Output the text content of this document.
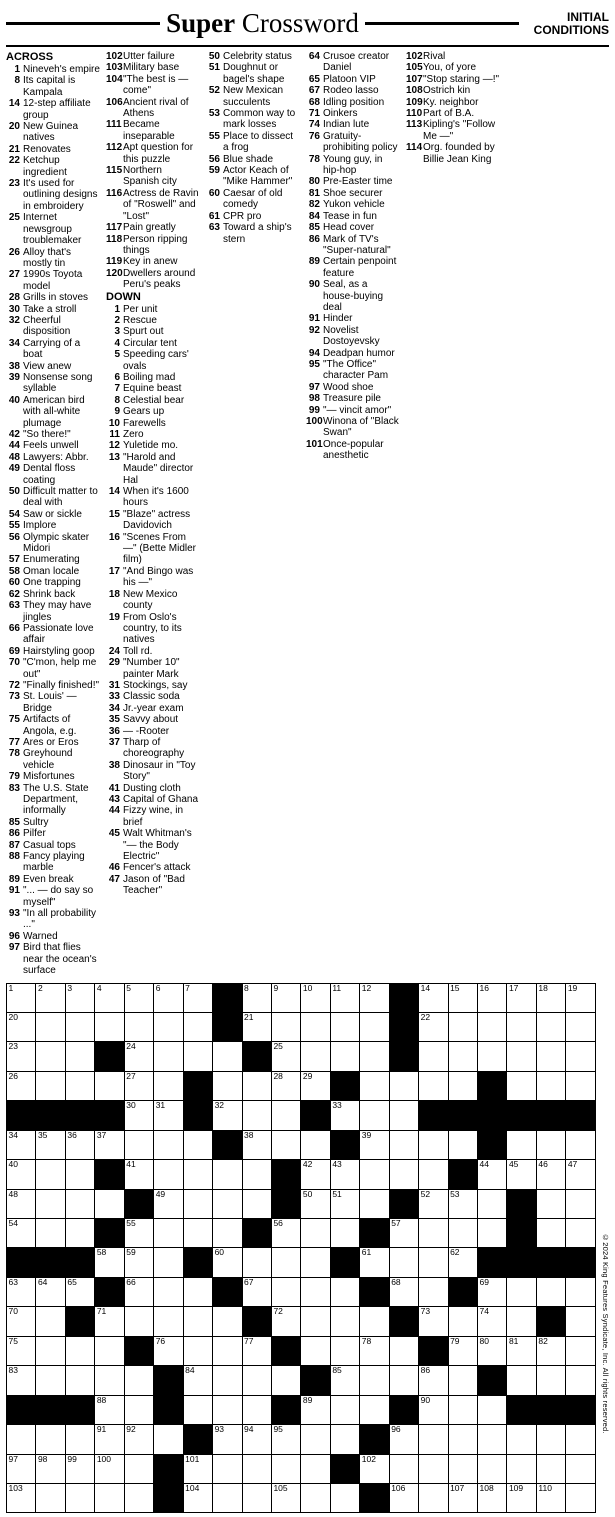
Super Crossword	INITIAL CONDITIONS
ACROSS
1 Nineveh's empire
8 Its capital is Kampala
14 12-step affiliate group
20 New Guinea natives
21 Renovates
22 Ketchup ingredient
23 It's used for outlining designs in embroidery
25 Internet newsgroup troublemaker
26 Alloy that's mostly tin
27 1990s Toyota model
28 Grills in stoves
30 Take a stroll
32 Cheerful disposition
34 Carrying of a boat
38 View anew
39 Nonsense song syllable
40 American bird with all-white plumage
42 "So there!"
44 Feels unwell
48 Lawyers: Abbr.
49 Dental floss coating
50 Difficult matter to deal with
54 Saw or sickle
55 Implore
56 Olympic skater Midori
57 Enumerating
58 Oman locale
60 One trapping
62 Shrink back
63 They may have jingles
66 Passionate love affair
69 Hairstyling goop
70 "C'mon, help me out"
72 "Finally finished!"
73 St. Louis' — Bridge
75 Artifacts of Angola, e.g.
77 Ares or Eros
78 Greyhound vehicle
79 Misfortunes
83 The U.S. State Department, informally
85 Sultry
86 Pilfer
87 Casual tops
88 Fancy playing marble
89 Even break
91 "... — do say so myself"
93 "In all probability ..."
96 Warned
97 Bird that flies near the ocean's surface
102 Utter failure
103 Military base
104 "The best is — come"
106 Ancient rival of Athens
111 Became inseparable
112 Apt question for this puzzle
115 Northern Spanish city
116 Actress de Ravin of "Roswell" and "Lost"
117 Pain greatly
118 Person ripping things
119 Key in anew
120 Dwellers around Peru's peaks
DOWN
1 Per unit
2 Rescue
3 Spurt out
4 Circular tent
5 Speeding cars' ovals
6 Boiling mad
7 Equine beast
8 Celestial bear
9 Gears up
10 Farewells
11 Zero
12 Yuletide mo.
13 "Harold and Maude" director Hal
14 When it's 1600 hours
15 "Blaze" actress Davidovich
16 "Scenes From —" (Bette Midler film)
17 "And Bingo was his —"
18 New Mexico county
19 From Oslo's country, to its natives
24 Toll rd.
29 "Number 10" painter Mark
31 Stockings, say
33 Classic soda
34 Jr.-year exam
35 Savvy about
36 — -Rooter
37 Tharp of choreography
38 Dinosaur in "Toy Story"
41 Dusting cloth
43 Capital of Ghana
44 Fizzy wine, in brief
45 Walt Whitman's "— the Body Electric"
46 Fencer's attack
47 Jason of "Bad Teacher"
50 Celebrity status
51 Doughnut or bagel's shape
52 New Mexican succulents
53 Common way to mark losses
55 Place to dissect a frog
56 Blue shade
59 Actor Keach of "Mike Hammer"
60 Caesar of old comedy
61 CPR pro
63 Toward a ship's stern
64 Crusoe creator Daniel
65 Platoon VIP
67 Rodeo lasso
68 Idling position
71 Oinkers
74 Indian lute
76 Gratuity-prohibiting policy
78 Young guy, in hip-hop
80 Pre-Easter time
81 Shoe securer
82 Yukon vehicle
84 Tease in fun
85 Head cover
86 Mark of TV's "Super-natural"
89 Certain penpoint feature
90 Seal, as a house-buying deal
91 Hinder
92 Novelist Dostoyevsky
94 Deadpan humor
95 "The Office" character Pam
97 Wood shoe
98 Treasure pile
99 "— vincit amor"
100 Winona of "Black Swan"
101 Once-popular anesthetic
102 Rival
105 You, of yore
107 "Stop staring —!"
108 Ostrich kin
109 Ky. neighbor
110 Part of B.A.
113 Kipling's "Follow Me —"
114 Org. founded by Billie Jean King
1	2	3	4	5	6	7		8	9	10	11	12		14	15	16	17	18	19

20								21						22					

23				24					25										

26				27					28	29									

				30	31		32				33								

34	35	36	37					38				39							

40				41						42	43					44	45	46	47

48					49					50	51			52	53				

54				55					56				57						

			58	59			60					61			62				

63	64	65		66				67					68			69			

70			71						72					73		74			

75					76			77				78			79	80	81	82	

83						84					85			86					

			88							89				90					

			91	92			93	94	95				96						

97	98	99	100			101						102							

103						104			105				106		107	108	109	110	

©2024 King Features Syndicate, Inc. All rights reserved.
